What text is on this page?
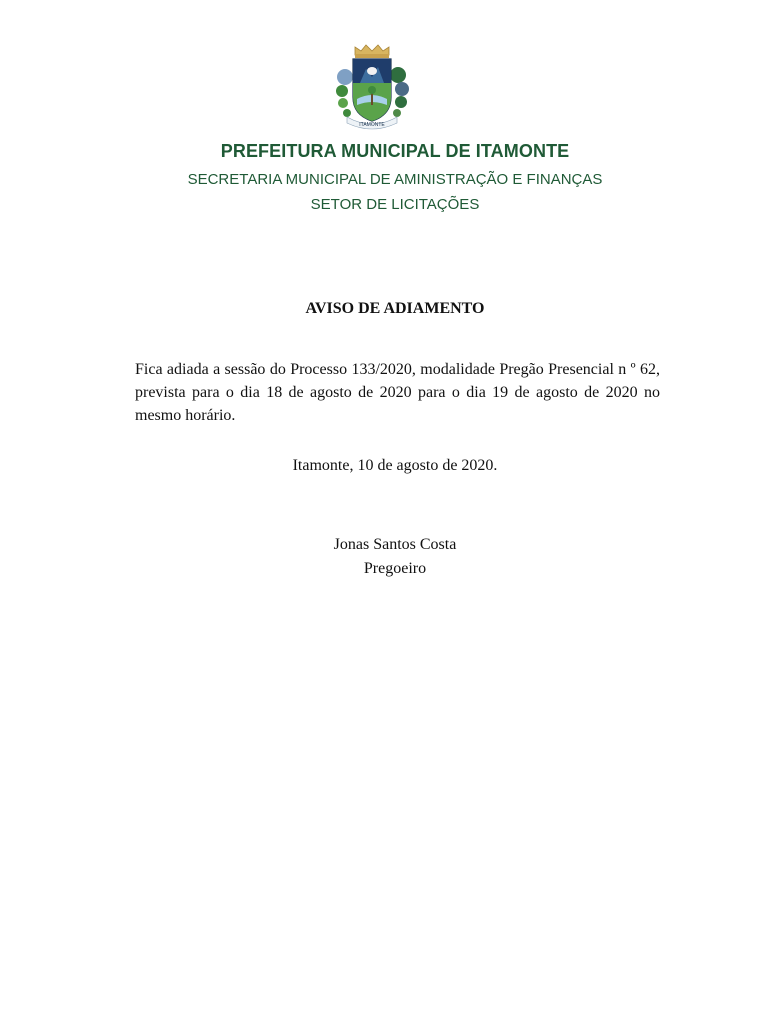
ITAMONTE
PREFEITURA MUNICIPAL DE ITAMONTE
SECRETARIA MUNICIPAL DE AMINISTRAÇÃO E FINANÇAS
SETOR DE LICITAÇÕES
AVISO DE ADIAMENTO
Fica adiada a sessão do Processo 133/2020, modalidade Pregão Presencial n º 62, prevista para o dia 18 de agosto de 2020 para o dia 19 de agosto de 2020 no mesmo horário.
Itamonte, 10 de agosto de 2020.
Jonas Santos Costa
Pregoeiro
